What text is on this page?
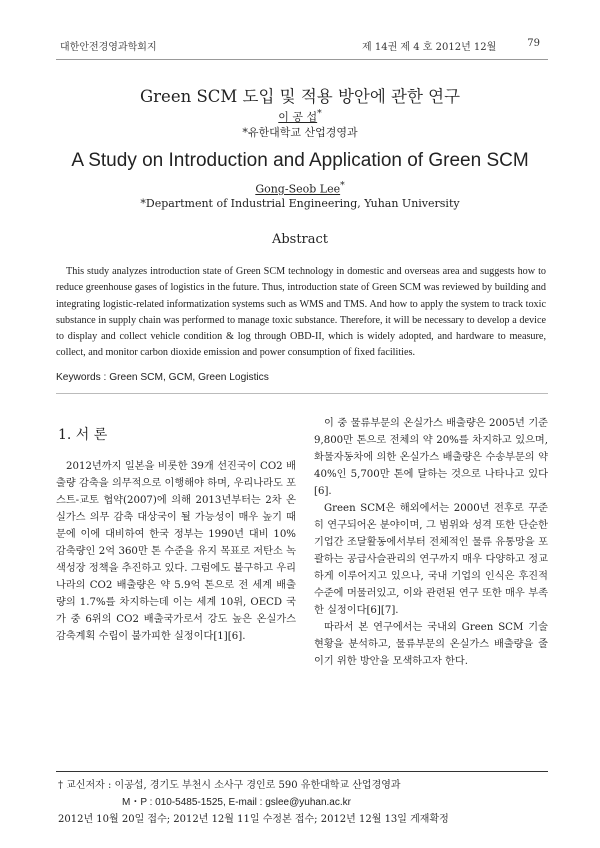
대한안전경영과학회지	제 14권 제 4 호 2012년 12월	79
Green SCM 도입 및 적용 방안에 관한 연구
이 공 섭*
*유한대학교 산업경영과
A Study on Introduction and Application of Green SCM
Gong-Seob Lee*
*Department of Industrial Engineering, Yuhan University
Abstract
This study analyzes introduction state of Green SCM technology in domestic and overseas area and suggests how to reduce greenhouse gases of logistics in the future. Thus, introduction state of Green SCM was reviewed by building and integrating logistic-related informatization systems such as WMS and TMS. And how to apply the system to track toxic substance in supply chain was performed to manage toxic substance. Therefore, it will be necessary to develop a device to display and collect vehicle condition & log through OBD-II, which is widely adopted, and hardware to measure, collect, and monitor carbon dioxide emission and power consumption of fixed facilities.
Keywords : Green SCM, GCM, Green Logistics
1. 서 론

2012년까지 일본을 비롯한 39개 선진국이 CO2 배출량 감축을 의무적으로 이행해야 하며, 우리나라도 포스트-교토 협약(2007)에 의해 2013년부터는 2차 온실가스 의무 감축 대상국이 될 가능성이 매우 높기 때문에 이에 대비하여 한국 정부는 1990년 대비 10% 감축량인 2억 360만 톤 수준을 유지 목표로 저탄소 녹색성장 정책을 추진하고 있다. 그럼에도 불구하고 우리나라의 CO2 배출량은 약 5.9억 톤으로 전 세계 배출량의 1.7%를 차지하는데 이는 세계 10위, OECD 국가 중 6위의 CO2 배출국가로서 강도 높은 온실가스 감축계획 수립이 불가피한 실정이다[1][6].

이 중 물류부문의 온실가스 배출량은 2005년 기준 9,800만 톤으로 전체의 약 20%를 차지하고 있으며, 화물자동차에 의한 온실가스 배출량은 수송부문의 약 40%인 5,700만 톤에 달하는 것으로 나타나고 있다[6].

Green SCM은 해외에서는 2000년 전후로 꾸준히 연구되어온 분야이며, 그 범위와 성격 또한 단순한 기업간 조달활동에서부터 전체적인 물류 유통망을 포괄하는 공급사슬관리의 연구까지 매우 다양하고 정교하게 이루어지고 있으나, 국내 기업의 인식은 후진적 수준에 머물러있고, 이와 관련된 연구 또한 매우 부족한 실정이다[6][7].

따라서 본 연구에서는 국내외 Green SCM 기술 현황을 분석하고, 물류부문의 온실가스 배출량을 줄이기 위한 방안을 모색하고자 한다.

† 교신저자 : 이공섭, 경기도 부천시 소사구 경인로 590 유한대학교 산업경영과
M・P : 010-5485-1525, E-mail : gslee@yuhan.ac.kr
2012년 10월 20일 접수; 2012년 12월 11일 수정본 접수; 2012년 12월 13일 게재확정
